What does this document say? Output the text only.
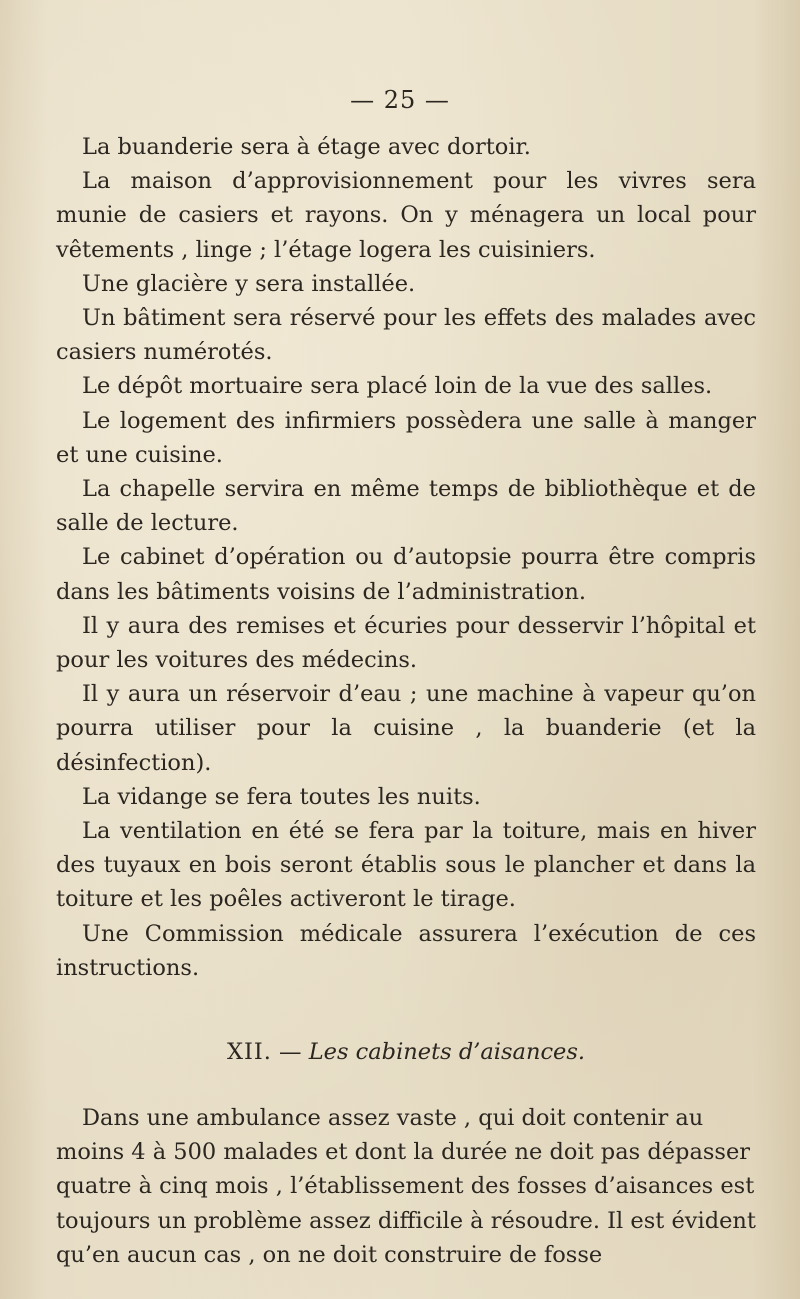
— 25 —

La buanderie sera à étage avec dortoir.

La maison d’approvisionnement pour les vivres sera munie de casiers et rayons. On y ménagera un local pour vêtements , linge ; l’étage logera les cuisiniers.

Une glacière y sera installée.

Un bâtiment sera réservé pour les effets des malades avec casiers numérotés.

Le dépôt mortuaire sera placé loin de la vue des salles.

Le logement des infirmiers possèdera une salle à manger et une cuisine.

La chapelle servira en même temps de bibliothèque et de salle de lecture.

Le cabinet d’opération ou d’autopsie pourra être compris dans les bâtiments voisins de l’administration.

Il y aura des remises et écuries pour desservir l’hôpital et pour les voitures des médecins.

Il y aura un réservoir d’eau ; une machine à vapeur qu’on pourra utiliser pour la cuisine , la buanderie (et la désinfection).

La vidange se fera toutes les nuits.

La ventilation en été se fera par la toiture, mais en hiver des tuyaux en bois seront établis sous le plancher et dans la toiture et les poêles activeront le tirage.

Une Commission médicale assurera l’exécution de ces instructions.

XII. — Les cabinets d’aisances.

Dans une ambulance assez vaste , qui doit contenir au moins 4 à 500 malades et dont la durée ne doit pas dépasser quatre à cinq mois , l’établissement des fosses d’aisances est toujours un problème assez difficile à résoudre. Il est évident qu’en aucun cas , on ne doit construire de fosse
